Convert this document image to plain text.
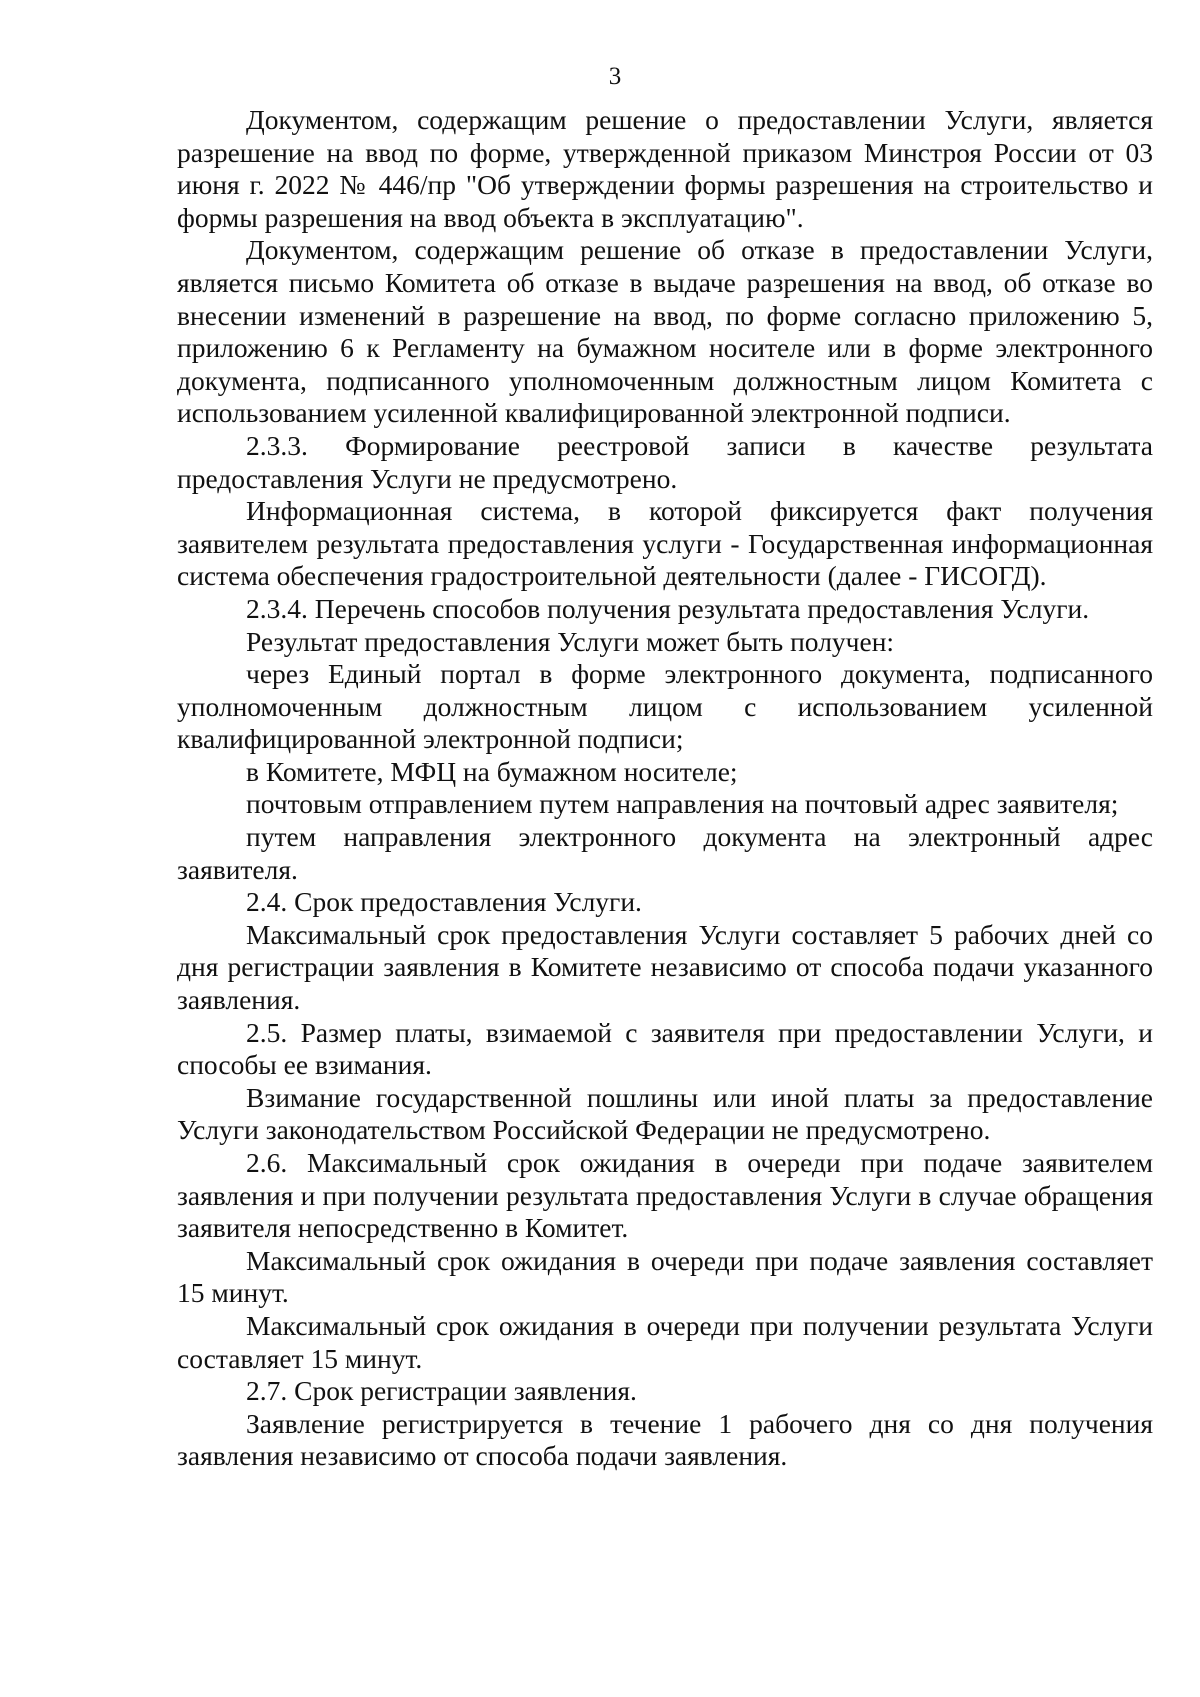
3

Документом, содержащим решение о предоставлении Услуги, является разрешение на ввод по форме, утвержденной приказом Минстроя России от 03 июня г. 2022 № 446/пр "Об утверждении формы разрешения на строительство и формы разрешения на ввод объекта в эксплуатацию".

Документом, содержащим решение об отказе в предоставлении Услуги, является письмо Комитета об отказе в выдаче разрешения на ввод, об отказе во внесении изменений в разрешение на ввод, по форме согласно приложению 5, приложению 6 к Регламенту на бумажном носителе или в форме электронного документа, подписанного уполномоченным должностным лицом Комитета с использованием усиленной квалифицированной электронной подписи.

2.3.3. Формирование реестровой записи в качестве результата предоставления Услуги не предусмотрено.

Информационная система, в которой фиксируется факт получения заявителем результата предоставления услуги - Государственная информационная система обеспечения градостроительной деятельности (далее - ГИСОГД).

2.3.4. Перечень способов получения результата предоставления Услуги.

Результат предоставления Услуги может быть получен:

через Единый портал в форме электронного документа, подписанного уполномоченным должностным лицом с использованием усиленной квалифицированной электронной подписи;

в Комитете, МФЦ на бумажном носителе;

почтовым отправлением путем направления на почтовый адрес заявителя;

путем направления электронного документа на электронный адрес заявителя.

2.4. Срок предоставления Услуги.

Максимальный срок предоставления Услуги составляет 5 рабочих дней со дня регистрации заявления в Комитете независимо от способа подачи указанного заявления.

2.5. Размер платы, взимаемой с заявителя при предоставлении Услуги, и способы ее взимания.

Взимание государственной пошлины или иной платы за предоставление Услуги законодательством Российской Федерации не предусмотрено.

2.6. Максимальный срок ожидания в очереди при подаче заявителем заявления и при получении результата предоставления Услуги в случае обращения заявителя непосредственно в Комитет.

Максимальный срок ожидания в очереди при подаче заявления составляет 15 минут.

Максимальный срок ожидания в очереди при получении результата Услуги составляет 15 минут.

2.7. Срок регистрации заявления.

Заявление регистрируется в течение 1 рабочего дня со дня получения заявления независимо от способа подачи заявления.
